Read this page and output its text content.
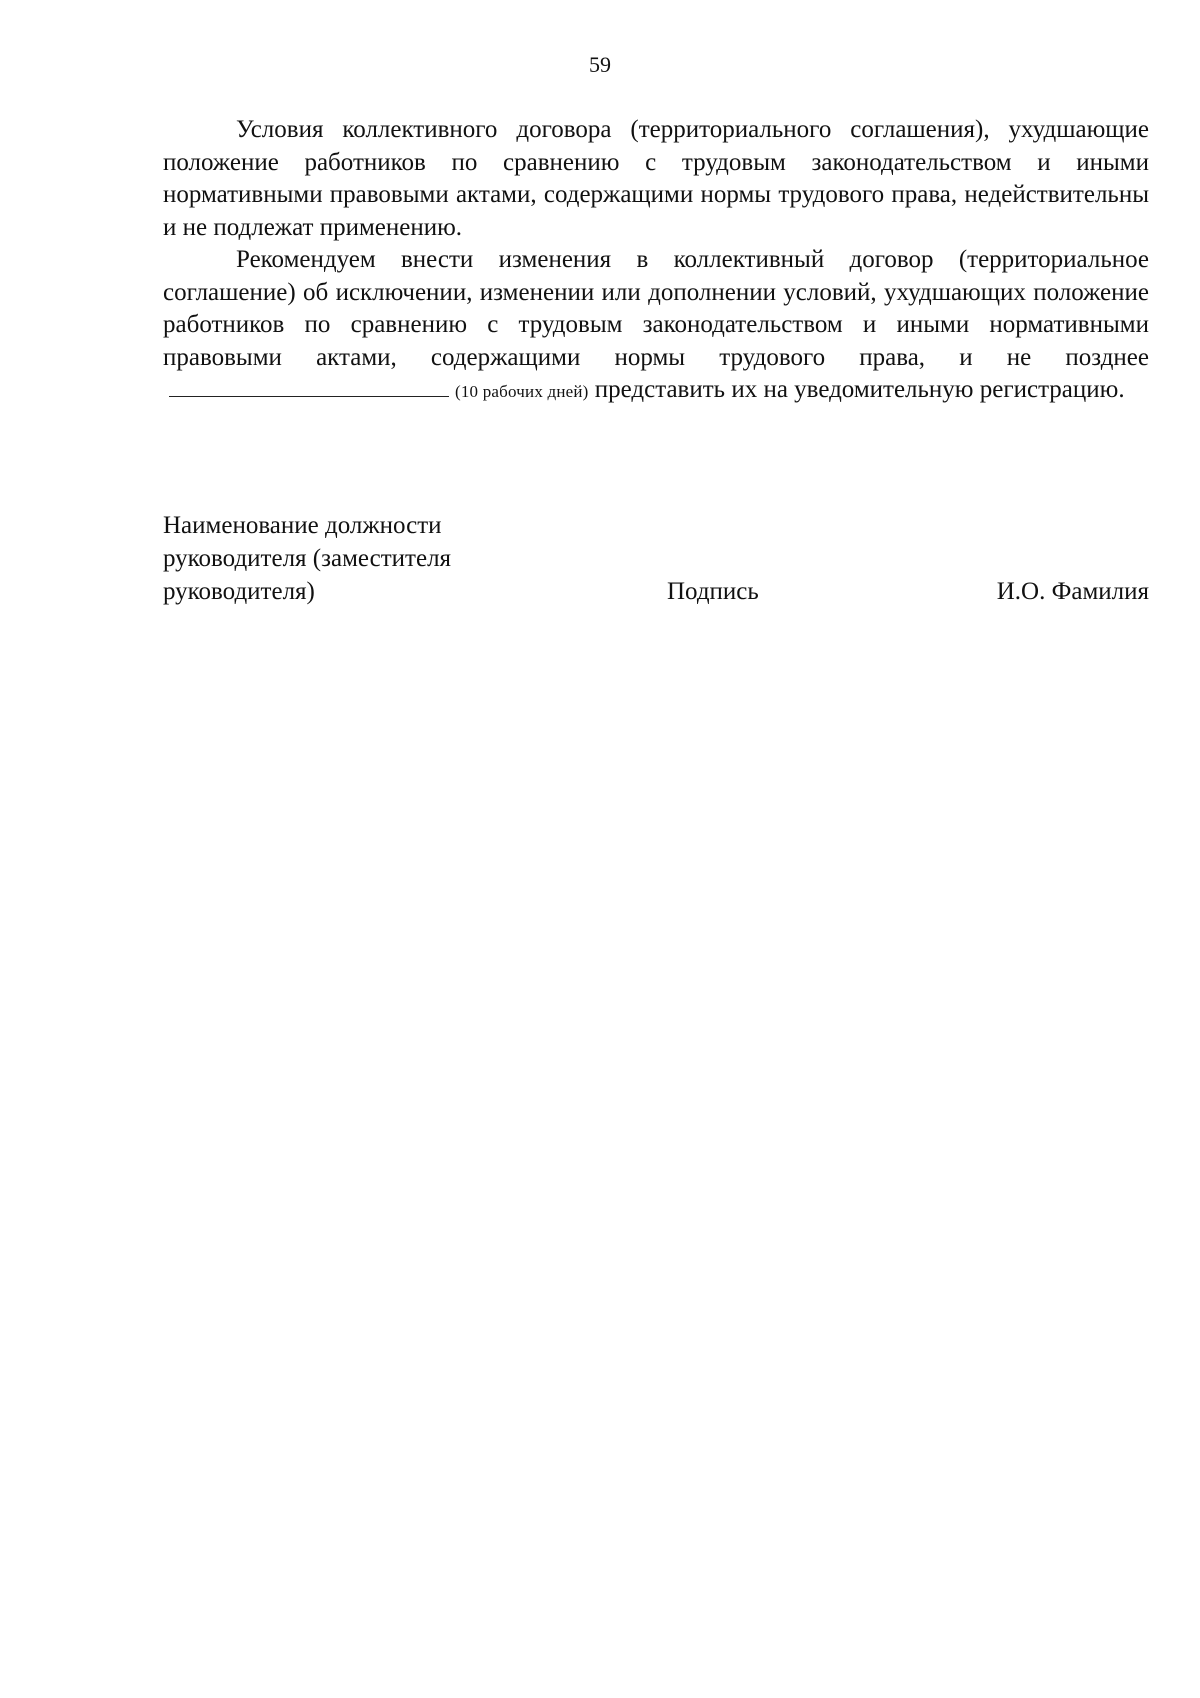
59

Условия коллективного договора (территориального соглашения), ухудшающие положение работников по сравнению с трудовым законодательством и иными нормативными правовыми актами, содержащими нормы трудового права, недействительны и не подлежат применению.

Рекомендуем внести изменения в коллективный договор (территориальное соглашение) об исключении, изменении или дополнении условий, ухудшающих положение работников по сравнению с трудовым законодательством и иными нормативными правовыми актами, содержащими нормы трудового права, и не позднее(10 рабочих дней) представить их на уведомительную регистрацию.

Наименование должности
руководителя (заместителя
руководителя)	Подпись	И.О. Фамилия
